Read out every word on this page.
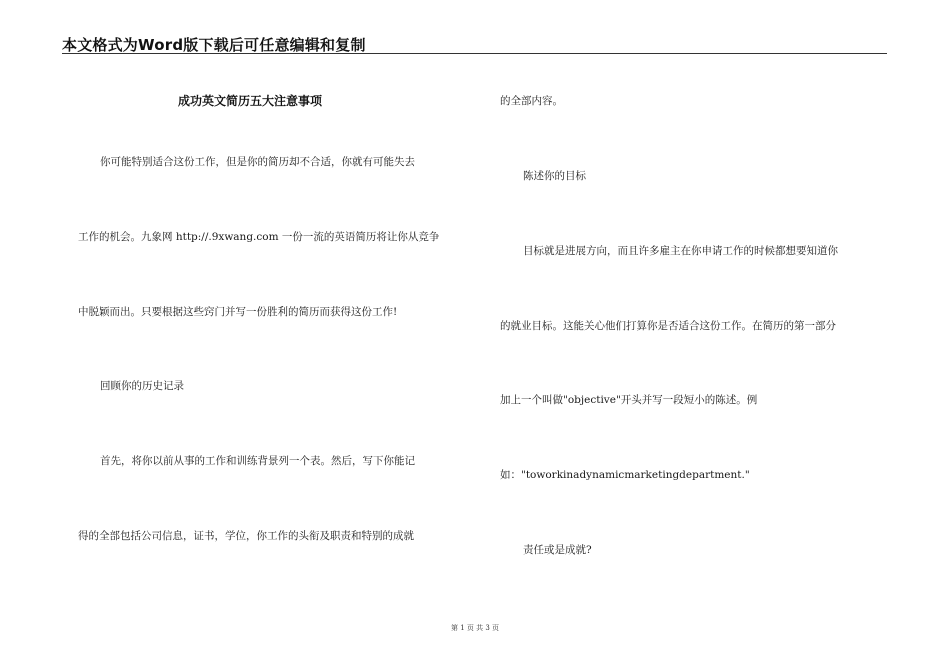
本文格式为Word版下载后可任意编辑和复制
成功英文简历五大注意事项
你可能特别适合这份工作，但是你的简历却不合适，你就有可能失去
工作的机会。九象网 http://.9xwang.com 一份一流的英语简历将让你从竞争
中脱颖而出。只要根据这些窍门并写一份胜利的简历而获得这份工作!
回顾你的历史记录
首先，将你以前从事的工作和训练背景列一个表。然后，写下你能记
得的全部包括公司信息，证书，学位，你工作的头衔及职责和特别的成就
的全部内容。
陈述你的目标
目标就是进展方向，而且许多雇主在你申请工作的时候都想要知道你
的就业目标。这能关心他们打算你是否适合这份工作。在简历的第一部分
加上一个叫做"objective"开头并写一段短小的陈述。例
如："toworkinadynamicmarketingdepartment."
责任或是成就?
第 1 页 共 3 页
